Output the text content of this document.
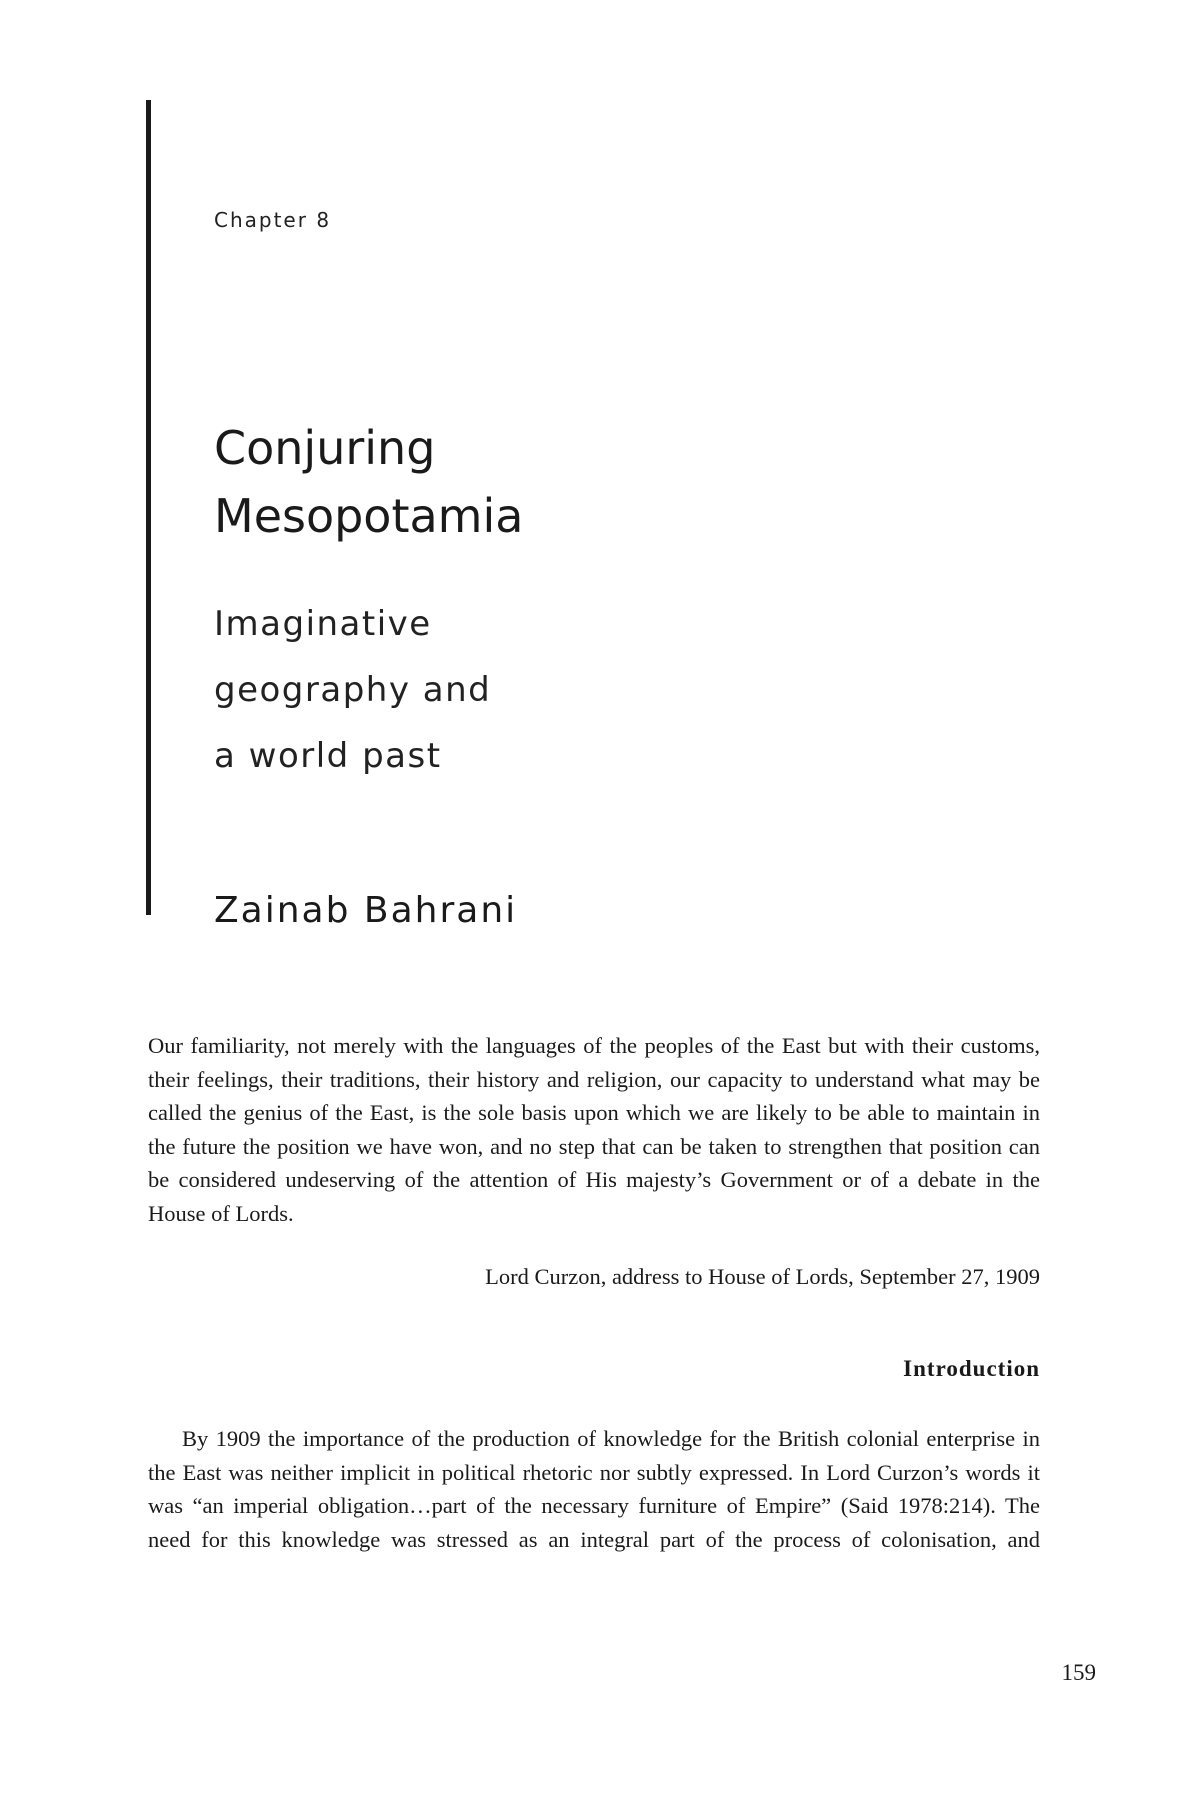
Chapter 8
Conjuring
Mesopotamia
Imaginative
geography and
a world past
Zainab Bahrani

Our familiarity, not merely with the languages of the peoples of the East but with their customs, their feelings, their traditions, their history and religion, our capacity to understand what may be called the genius of the East, is the sole basis upon which we are likely to be able to maintain in the future the position we have won, and no step that can be taken to strengthen that position can be considered undeserving of the attention of His majesty’s Government or of a debate in the House of Lords.

Lord Curzon, address to House of Lords, September 27, 1909
Introduction

By 1909 the importance of the production of knowledge for the British colonial enterprise in the East was neither implicit in political rhetoric nor subtly expressed. In Lord Curzon’s words it was “an imperial obligation…part of the necessary furniture of Empire” (Said 1978:214). The need for this knowledge was stressed as an integral part of the process of colonisation, and

159
